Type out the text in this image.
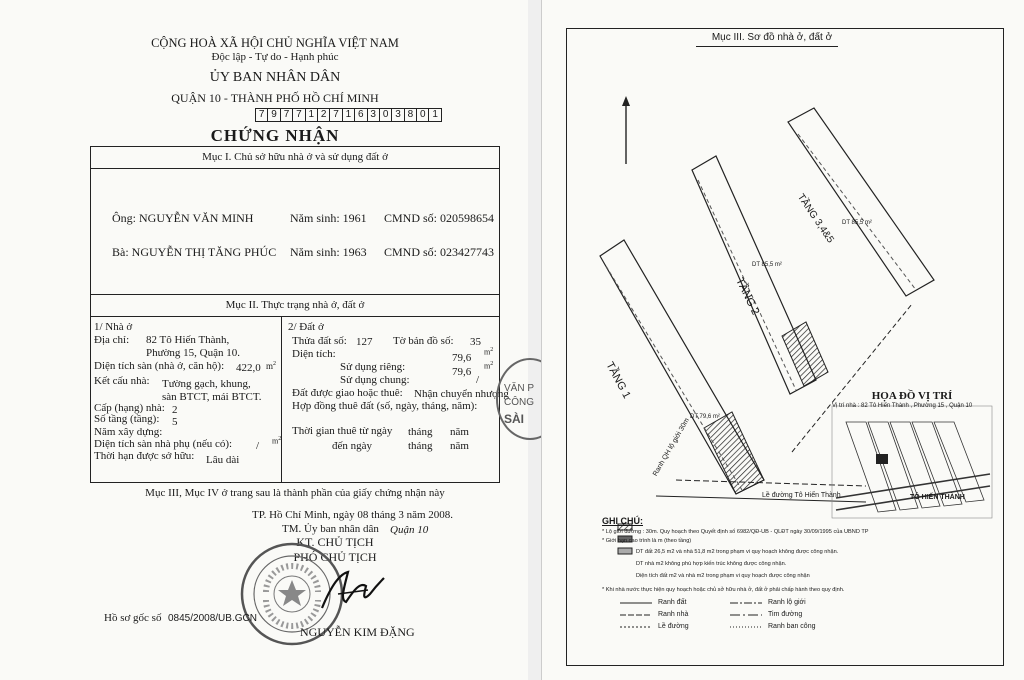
CỘNG HOÀ XÃ HỘI CHỦ NGHĨA VIỆT NAM
Độc lập - Tự do - Hạnh phúc
ỦY BAN NHÂN DÂN
QUẬN 10 - THÀNH PHỐ HỒ CHÍ MINH
7 9 7 7 1 2 7 1 6 3 0 3 8 0 1
CHỨNG NHẬN
Mục I. Chủ sở hữu nhà ở và sử dụng đất ở
Ông: NGUYỄN VĂN MINH	Năm sinh: 1961 CMND số: 020598654
Bà: NGUYỄN THỊ TĂNG PHÚC Năm sinh: 1963 CMND số: 023427743
Mục II. Thực trạng nhà ở, đất ở
1/ Nhà ở
Địa chỉ: 82 Tô Hiến Thành,
Phường 15, Quận 10.
Diện tích sàn (nhà ở, căn hộ): 422,0 $m^2$
Kết cấu nhà: Tường gạch, khung,
sàn BTCT, mái BTCT.
Cấp (hạng) nhà: 2
Số tầng (tầng): 5
Năm xây dựng:
Diện tích sàn nhà phụ (nếu có): / $m^2$
Thời hạn được sở hữu: Lâu dài
2/ Đất ở
Thửa đất số: 127 Tờ bản đồ số: 35
Diện tích:	79,6 $m^2$
Sử dụng riêng:	79,6 $m^2$
Sử dụng chung:	/
Đất được giao hoặc thuê: Nhận chuyển nhượng
Hợp đồng thuê đất (số, ngày, tháng, năm):
Thời gian thuê từ ngày tháng năm
đến ngày	tháng năm
Mục III, Mục IV ở trang sau là thành phần của giấy chứng nhận này
VĂN P
CÔNG
SÀI
TP. Hồ Chí Minh, ngày 08 tháng 3 năm 2008.
TM. Ủy ban nhân dân Quận 10
KT. CHỦ TỊCH
PHÓ CHỦ TỊCH
NGUYỄN KIM ĐẶNG
Hồ sơ gốc số 0845/2008/UB.GCN
Mục III. Sơ đồ nhà ở, đất ở
TẦNG 1
TẦNG 2
TẦNG 3,4&5
DT 79,6 m²
DT 85,5 m²
DT 85,5 m²
Ranh QH lộ giới 30m
Lề đường Tô Hiến Thành
HỌA ĐỒ VỊ TRÍ
Vị trí nhà : 82 Tô Hiến Thành , Phường 15 , Quận 10
TÔ HIẾN THÀNH
GHI CHÚ:
* Lộ giới đường : 30m. Quy hoạch theo Quyết định số 6982/QĐ-UB - QLĐT ngày 30/09/1995 của UBND TP
* Giới hạn cao trình là m (theo tầng)
DT đất 26,5 m2 và nhà 51,8 m2 trong phạm vi quy hoạch không được công nhận.
DT nhà m2 không phù hợp kiến trúc không được công nhận.
Diện tích đất m2 và nhà m2 trong phạm vi quy hoạch được công nhận
* Khi nhà nước thực hiện quy hoạch hoặc chủ sở hữu nhà ở, đất ở phải chấp hành theo quy định.
Ranh đất	Ranh lộ giới
Ranh nhà	Tim đường
Lề đường	Ranh ban công
